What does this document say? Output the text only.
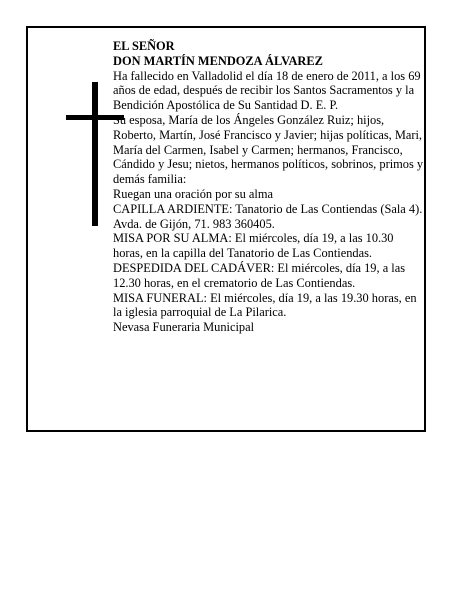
EL SEÑOR

DON MARTÍN MENDOZA ÁLVAREZ

Ha fallecido en Valladolid el día 18 de enero de 2011, a los 69 años de edad, después de recibir los Santos Sacramentos y la Bendición Apostólica de Su Santidad D. E. P.

Su esposa, María de los Ángeles González Ruiz; hijos, Roberto, Martín, José Francisco y Javier; hijas políticas, Mari, María del Carmen, Isabel y Carmen; hermanos, Francisco, Cándido y Jesu; nietos, hermanos políticos, sobrinos, primos y demás familia:

Ruegan una oración por su alma

CAPILLA ARDIENTE: Tanatorio de Las Contiendas (Sala 4). Avda. de Gijón, 71. 983 360405.

MISA POR SU ALMA: El miércoles, día 19, a las 10.30 horas, en la capilla del Tanatorio de Las Contiendas.

DESPEDIDA DEL CADÁVER: El miércoles, día 19, a las 12.30 horas, en el crematorio de Las Contiendas.

MISA FUNERAL: El miércoles, día 19, a las 19.30 horas, en la iglesia parroquial de La Pilarica.

Nevasa Funeraria Municipal
